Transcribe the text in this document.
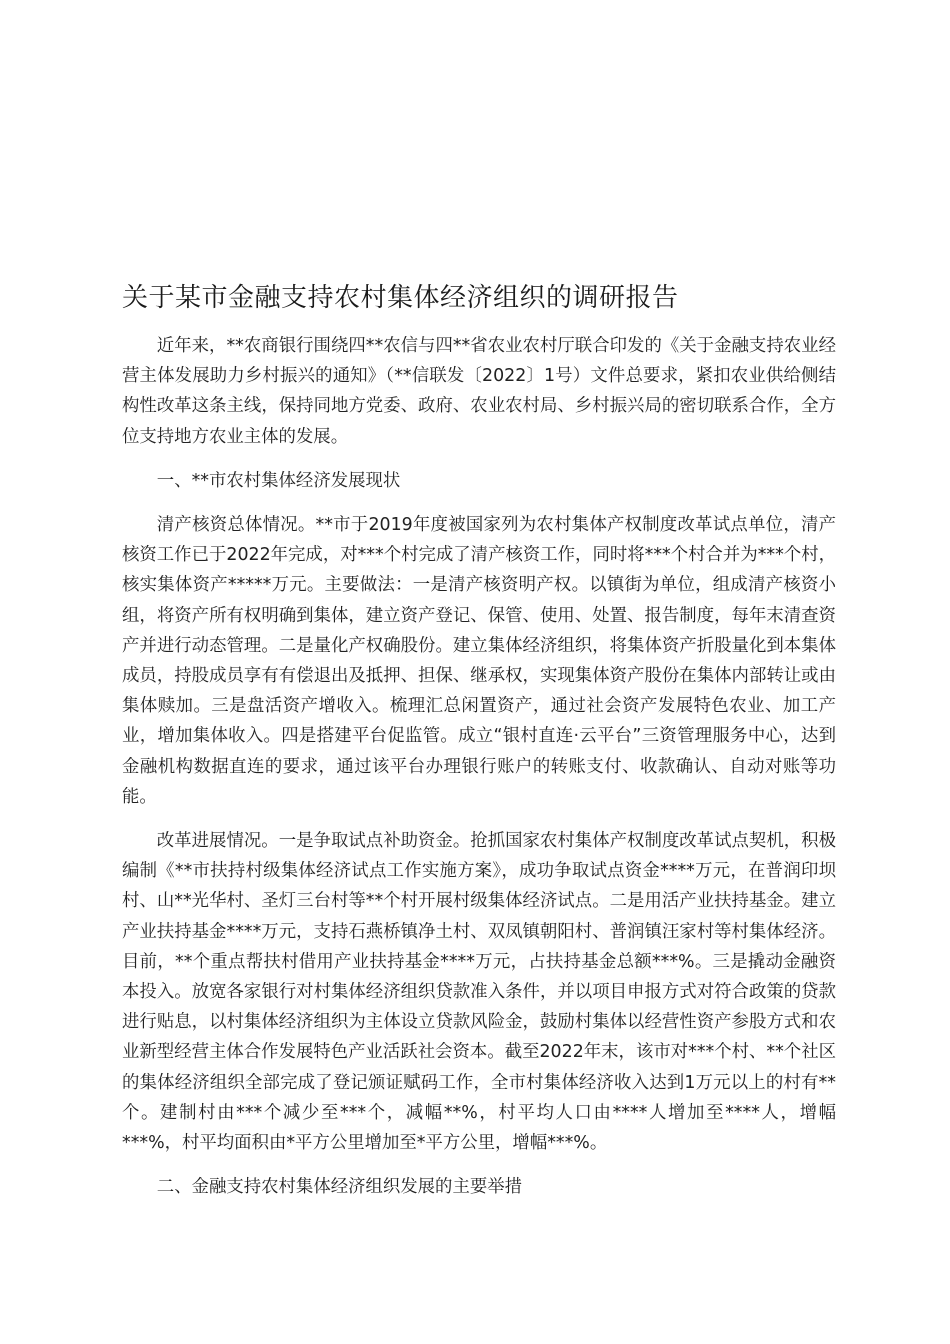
关于某市金融支持农村集体经济组织的调研报告

近年来，**农商银行围绕四**农信与四**省农业农村厅联合印发的《关于金融支持农业经营主体发展助力乡村振兴的通知》（**信联发〔2022〕1号）文件总要求，紧扣农业供给侧结构性改革这条主线，保持同地方党委、政府、农业农村局、乡村振兴局的密切联系合作，全方位支持地方农业主体的发展。

一、**市农村集体经济发展现状

清产核资总体情况。**市于2019年度被国家列为农村集体产权制度改革试点单位，清产核资工作已于2022年完成，对***个村完成了清产核资工作，同时将***个村合并为***个村，核实集体资产*****万元。主要做法：一是清产核资明产权。以镇街为单位，组成清产核资小组，将资产所有权明确到集体，建立资产登记、保管、使用、处置、报告制度，每年末清查资产并进行动态管理。二是量化产权确股份。建立集体经济组织，将集体资产折股量化到本集体成员，持股成员享有有偿退出及抵押、担保、继承权，实现集体资产股份在集体内部转让或由集体赎加。三是盘活资产增收入。梳理汇总闲置资产，通过社会资产发展特色农业、加工产业，增加集体收入。四是搭建平台促监管。成立“银村直连·云平台”三资管理服务中心，达到金融机构数据直连的要求，通过该平台办理银行账户的转账支付、收款确认、自动对账等功能。

改革进展情况。一是争取试点补助资金。抢抓国家农村集体产权制度改革试点契机，积极编制《**市扶持村级集体经济试点工作实施方案》，成功争取试点资金****万元，在普润印坝村、山**光华村、圣灯三台村等**个村开展村级集体经济试点。二是用活产业扶持基金。建立产业扶持基金****万元，支持石燕桥镇净土村、双凤镇朝阳村、普润镇汪家村等村集体经济。目前，**个重点帮扶村借用产业扶持基金****万元，占扶持基金总额***%。三是撬动金融资本投入。放宽各家银行对村集体经济组织贷款准入条件，并以项目申报方式对符合政策的贷款进行贴息，以村集体经济组织为主体设立贷款风险金，鼓励村集体以经营性资产参股方式和农业新型经营主体合作发展特色产业活跃社会资本。截至2022年末，该市对***个村、**个社区的集体经济组织全部完成了登记颁证赋码工作，全市村集体经济收入达到1万元以上的村有**个。建制村由***个减少至***个，减幅**%，村平均人口由****人增加至****人，增幅***%，村平均面积由*平方公里增加至*平方公里，增幅***%。

二、金融支持农村集体经济组织发展的主要举措
